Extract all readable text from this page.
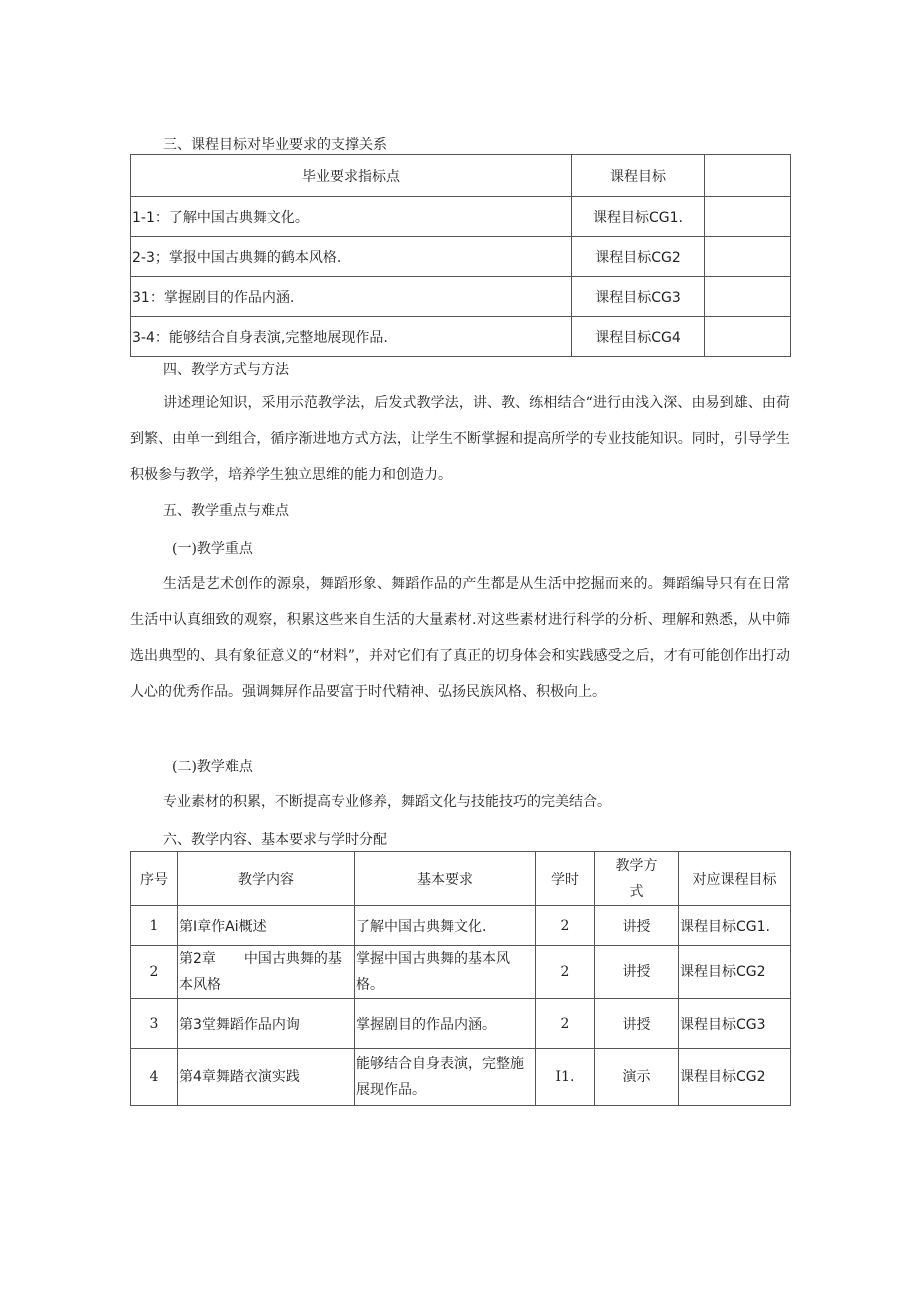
三、课程目标对毕业要求的支撑关系
毕业要求指标点	课程目标	
1-1：了解中国古典舞文化。	课程目标CG1.	
2-3；掌报中国古典舞的鹤本风格.	课程目标CG2	
31：掌握剧目的作品内涵.	课程目标CG3	
3-4：能够结合自身表演,完整地展现作品.	课程目标CG4	
四、教学方式与方法
讲述理论知识，采用示范教学法，后发式教学法，讲、教、练相结合“进行由浅入深、由易到雄、由荷到繁、由单一到组合，循序渐进地方式方法，让学生不断掌握和提高所学的专业技能知识。同时，引导学生积极参与教学，培养学生独立思维的能力和创造力。
五、教学重点与难点
(一)教学重点
生活是艺术创作的源泉，舞蹈形象、舞蹈作品的产生都是从生活中挖掘而来的。舞蹈编导只有在日常生活中认真细致的观察，积累这些来自生活的大量素材.对这些素材进行科学的分析、理解和熟悉，从中筛选出典型的、具有象征意义的“材料”，并对它们有了真正的切身体会和实践感受之后，才有可能创作出打动人心的优秀作品。强调舞屏作品要富于时代精神、弘扬民族风格、积极向上。
(二)教学难点
专业素材的积累，不断提高专业修养，舞蹈文化与技能技巧的完美结合。
六、教学内容、基本要求与学时分配
序号	教学内容	基本要求	学时	教学方式	对应课程目标
1	第I章作Ai概述	了解中国古典舞文化.	2	讲授	课程目标CG1.
2	第2章　　中国古典舞的基本风格	掌握中国古典舞的基本风格。	2	讲授	课程目标CG2
3	第3堂舞蹈作品内询	掌握剧目的作品内涵。	2	讲授	课程目标CG3
4	第4章舞踏衣演实践	能够结合自身表演，完整施展现作品。	I1.	演示	课程目标CG2
